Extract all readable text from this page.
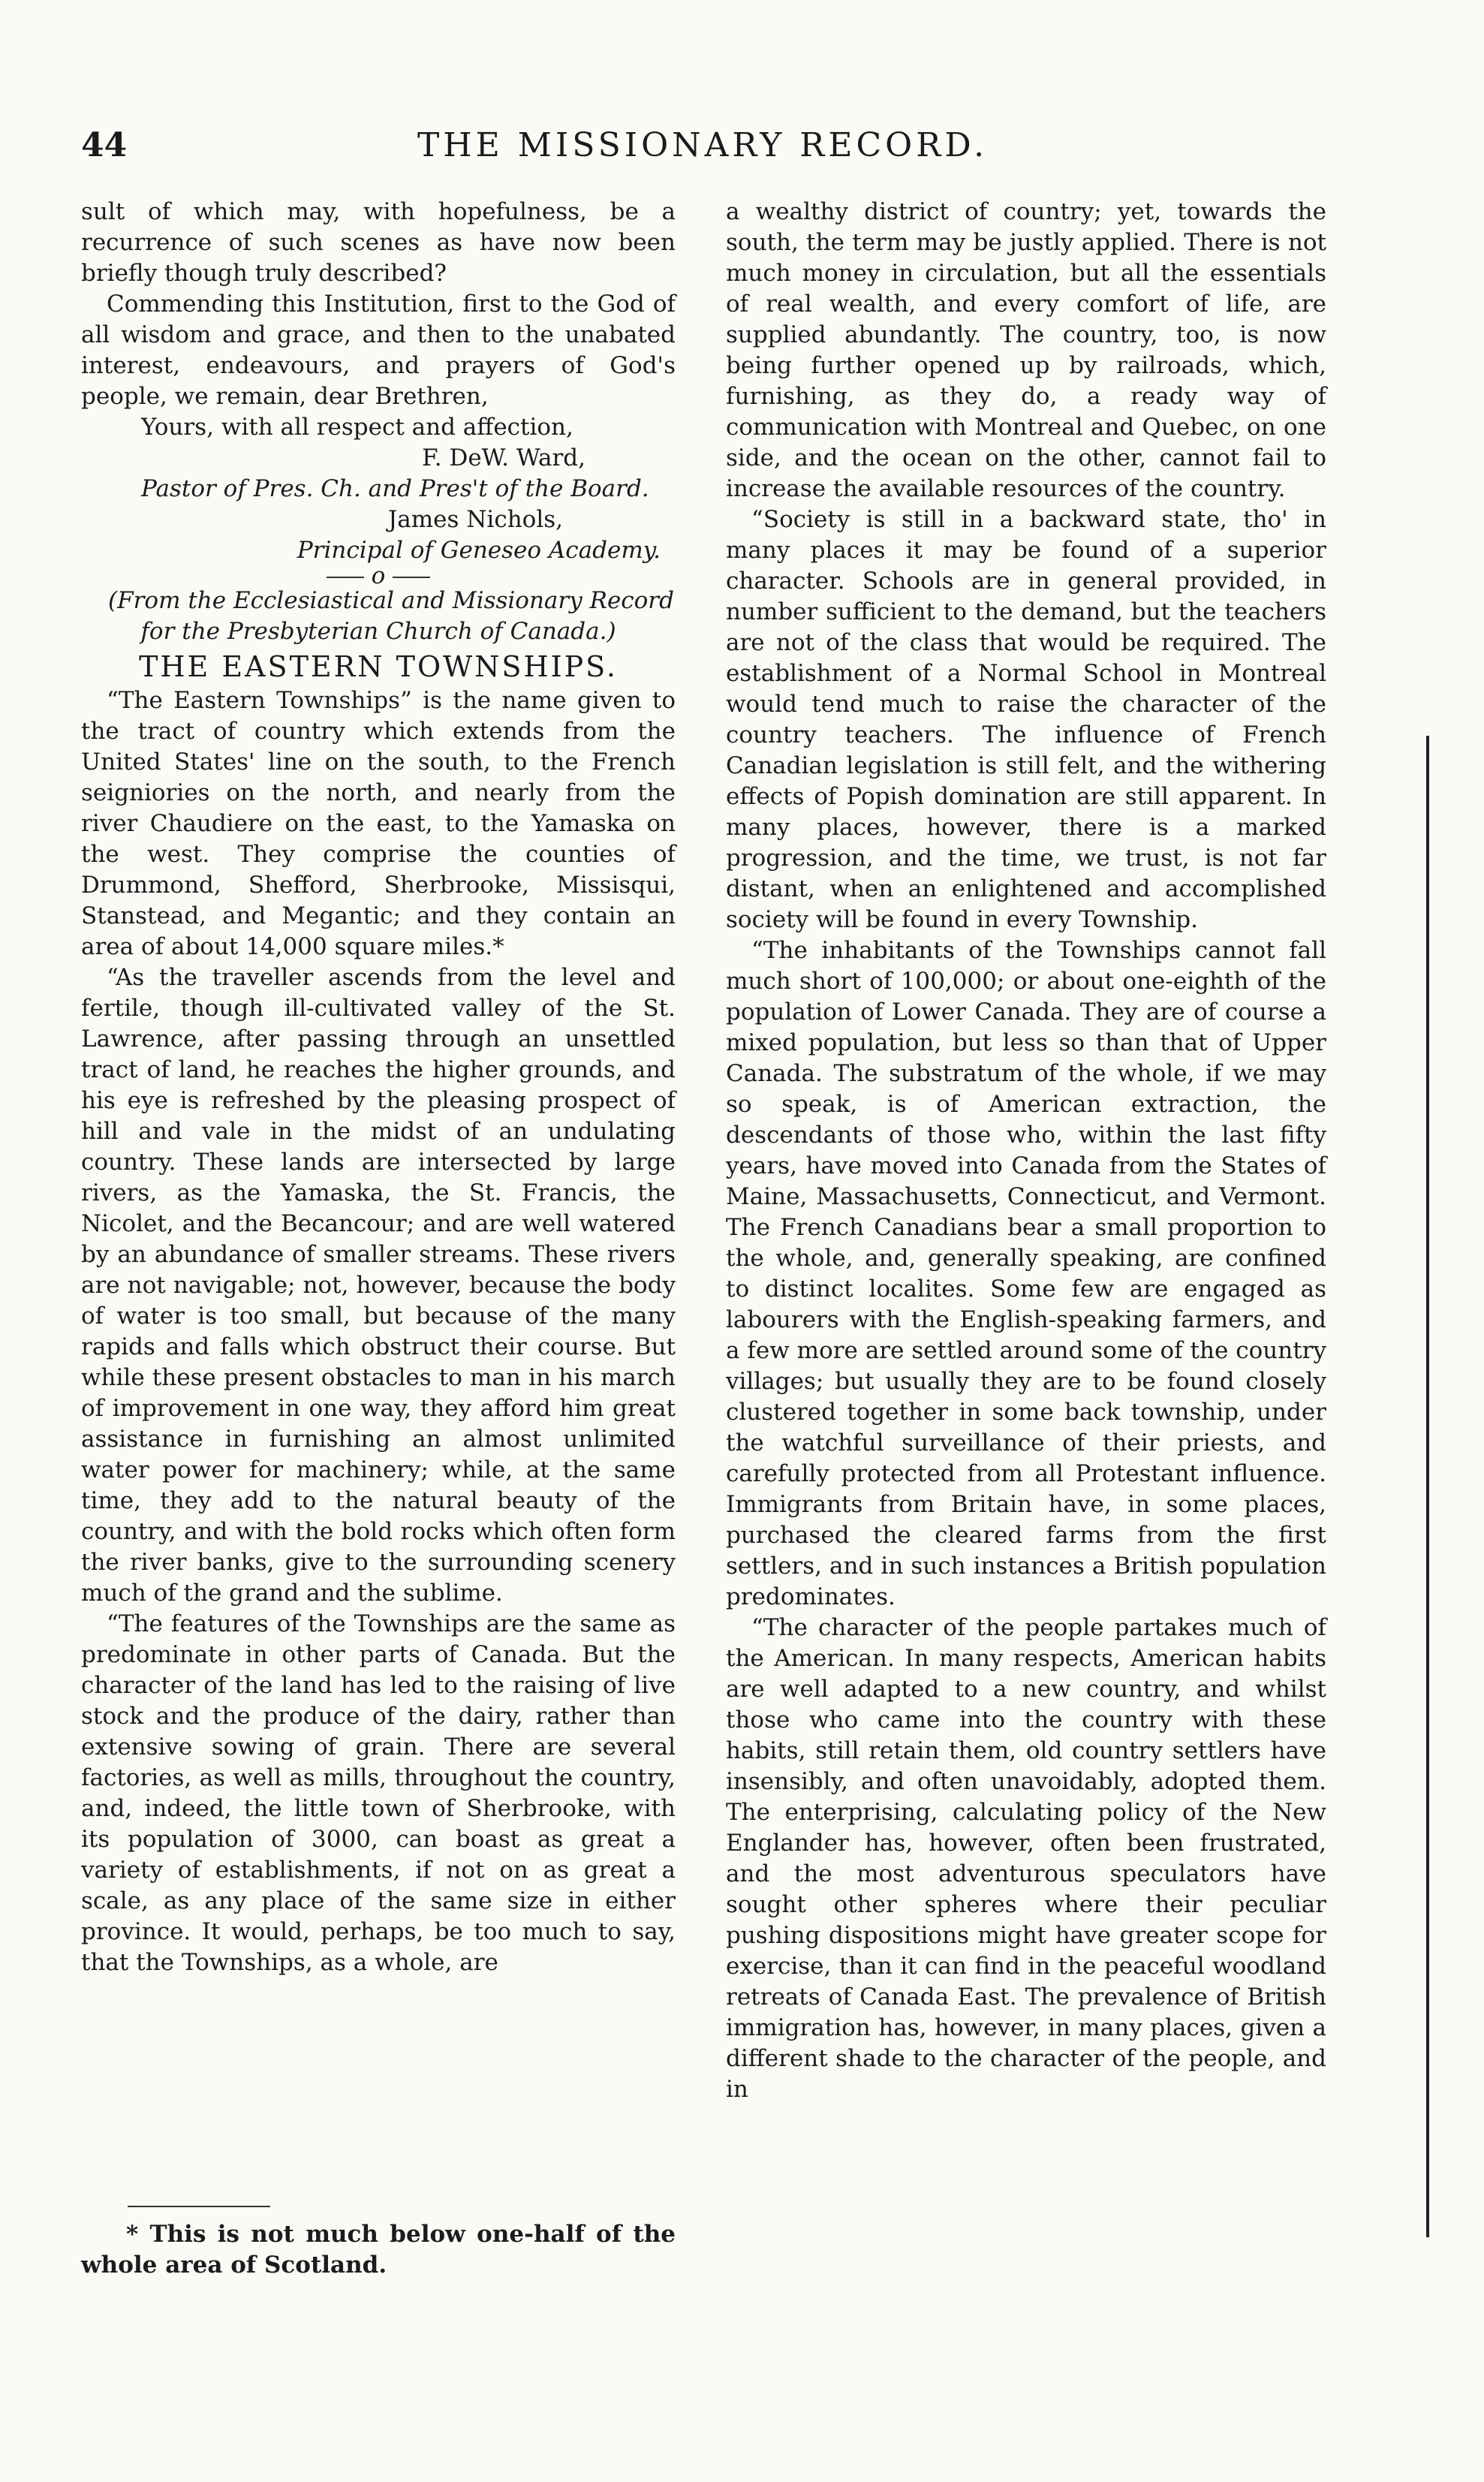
44	THE MISSIONARY RECORD.

sult of which may, with hopefulness, be a recurrence of such scenes as have now been briefly though truly described?

Commending this Institution, first to the God of all wisdom and grace, and then to the unabated interest, endeavours, and prayers of God's people, we remain, dear Brethren,

Yours, with all respect and affection,
F. DeW. Ward,
Pastor of Pres. Ch. and Pres't of the Board.
James Nichols,
Principal of Geneseo Academy.
o

(From the Ecclesiastical and Missionary Record for the Presbyterian Church of Canada.)

THE EASTERN TOWNSHIPS.

“The Eastern Townships” is the name given to the tract of country which extends from the United States' line on the south, to the French seigniories on the north, and nearly from the river Chaudiere on the east, to the Yamaska on the west. They comprise the counties of Drummond, Shefford, Sherbrooke, Missisqui, Stanstead, and Megantic; and they contain an area of about 14,000 square miles.*

“As the traveller ascends from the level and fertile, though ill-cultivated valley of the St. Lawrence, after passing through an unsettled tract of land, he reaches the higher grounds, and his eye is refreshed by the pleasing prospect of hill and vale in the midst of an undulating country. These lands are intersected by large rivers, as the Yamaska, the St. Francis, the Nicolet, and the Becancour; and are well watered by an abundance of smaller streams. These rivers are not navigable; not, however, because the body of water is too small, but because of the many rapids and falls which obstruct their course. But while these present obstacles to man in his march of improvement in one way, they afford him great assistance in furnishing an almost unlimited water power for machinery; while, at the same time, they add to the natural beauty of the country, and with the bold rocks which often form the river banks, give to the surrounding scenery much of the grand and the sublime.

“The features of the Townships are the same as predominate in other parts of Canada. But the character of the land has led to the raising of live stock and the produce of the dairy, rather than extensive sowing of grain. There are several factories, as well as mills, throughout the country, and, indeed, the little town of Sherbrooke, with its population of 3000, can boast as great a variety of establishments, if not on as great a scale, as any place of the same size in either province. It would, perhaps, be too much to say, that the Townships, as a whole, are

a wealthy district of country; yet, towards the south, the term may be justly applied. There is not much money in circulation, but all the essentials of real wealth, and every comfort of life, are supplied abundantly. The country, too, is now being further opened up by railroads, which, furnishing, as they do, a ready way of communication with Montreal and Quebec, on one side, and the ocean on the other, cannot fail to increase the available resources of the country.

“Society is still in a backward state, tho' in many places it may be found of a superior character. Schools are in general provided, in number sufficient to the demand, but the teachers are not of the class that would be required. The establishment of a Normal School in Montreal would tend much to raise the character of the country teachers. The influence of French Canadian legislation is still felt, and the withering effects of Popish domination are still apparent. In many places, however, there is a marked progression, and the time, we trust, is not far distant, when an enlightened and accomplished society will be found in every Township.

“The inhabitants of the Townships cannot fall much short of 100,000; or about one-eighth of the population of Lower Canada. They are of course a mixed population, but less so than that of Upper Canada. The substratum of the whole, if we may so speak, is of American extraction, the descendants of those who, within the last fifty years, have moved into Canada from the States of Maine, Massachusetts, Connecticut, and Vermont. The French Canadians bear a small proportion to the whole, and, generally speaking, are confined to distinct localites. Some few are engaged as labourers with the English-speaking farmers, and a few more are settled around some of the country villages; but usually they are to be found closely clustered together in some back township, under the watchful surveillance of their priests, and carefully protected from all Protestant influence. Immigrants from Britain have, in some places, purchased the cleared farms from the first settlers, and in such instances a British population predominates.

“The character of the people partakes much of the American. In many respects, American habits are well adapted to a new country, and whilst those who came into the country with these habits, still retain them, old country settlers have insensibly, and often unavoidably, adopted them. The enterprising, calculating policy of the New Englander has, however, often been frustrated, and the most adventurous speculators have sought other spheres where their peculiar pushing dispositions might have greater scope for exercise, than it can find in the peaceful woodland retreats of Canada East. The prevalence of British immigration has, however, in many places, given a different shade to the character of the people, and in

* This is not much below one-half of the whole area of Scotland.
